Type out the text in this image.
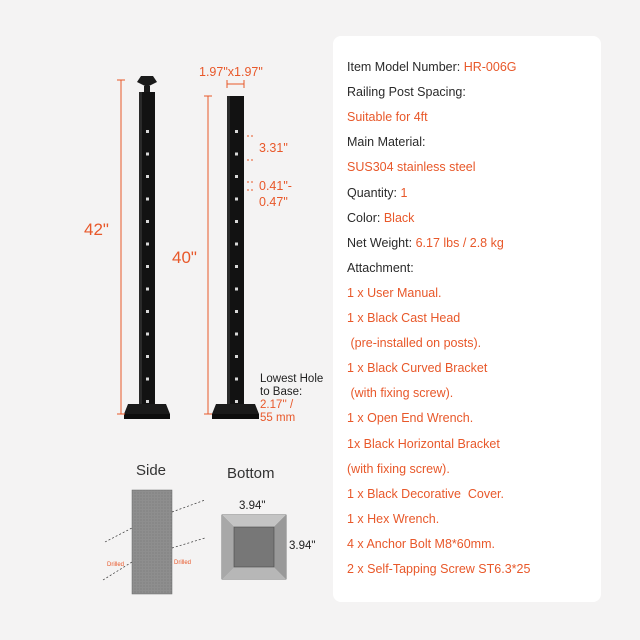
42"
40"
1.97"x1.97"
3.31"
0.41"-
0.47"
Lowest Hole
to Base:
2.17'' /
55 mm
Side
Drilled	Drilled
Bottom
3.94"
3.94"
Item Model Number: HR-006G
Railing Post Spacing:
Suitable for 4ft
Main Material:
SUS304 stainless steel
Quantity: 1
Color: Black
Net Weight: 6.17 lbs / 2.8 kg
Attachment:
1 x User Manual.
1 x Black Cast Head
(pre-installed on posts).
1 x Black Curved Bracket
(with fixing screw).
1 x Open End Wrench.
1x Black Horizontal Bracket
(with fixing screw).
1 x Black Decorative  Cover.
1 x Hex Wrench.
4 x Anchor Bolt M8*60mm.
2 x Self-Tapping Screw ST6.3*25
